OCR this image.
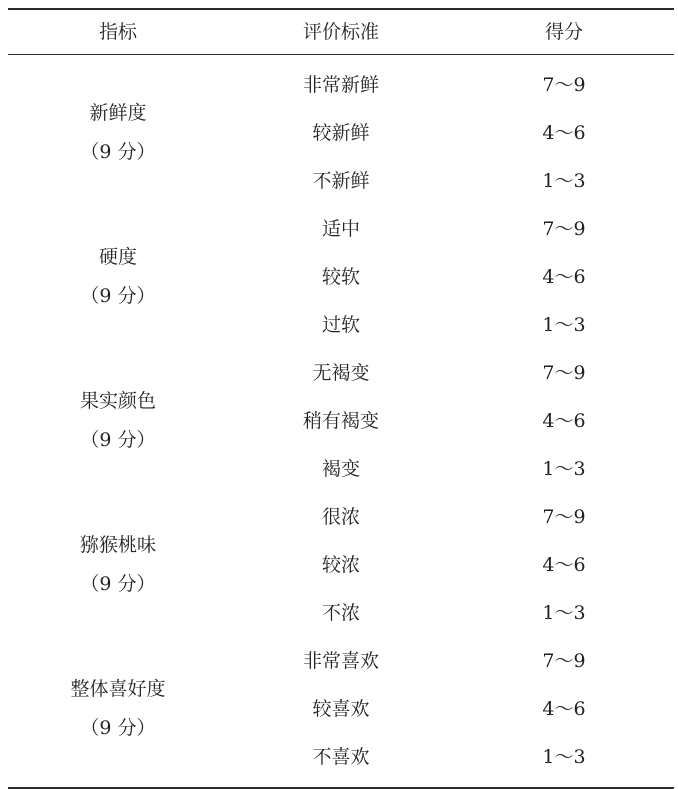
指标	评价标准	得分
新鲜度
（9 分）
非常新鲜	7～9
较新鲜	4～6
不新鲜	1～3
硬度
（9 分）
适中	7～9
较软	4～6
过软	1～3
果实颜色
（9 分）
无褐变	7～9
稍有褐变	4～6
褐变	1～3
猕猴桃味
（9 分）
很浓	7～9
较浓	4～6
不浓	1～3
整体喜好度
（9 分）
非常喜欢	7～9
较喜欢	4～6
不喜欢	1～3
